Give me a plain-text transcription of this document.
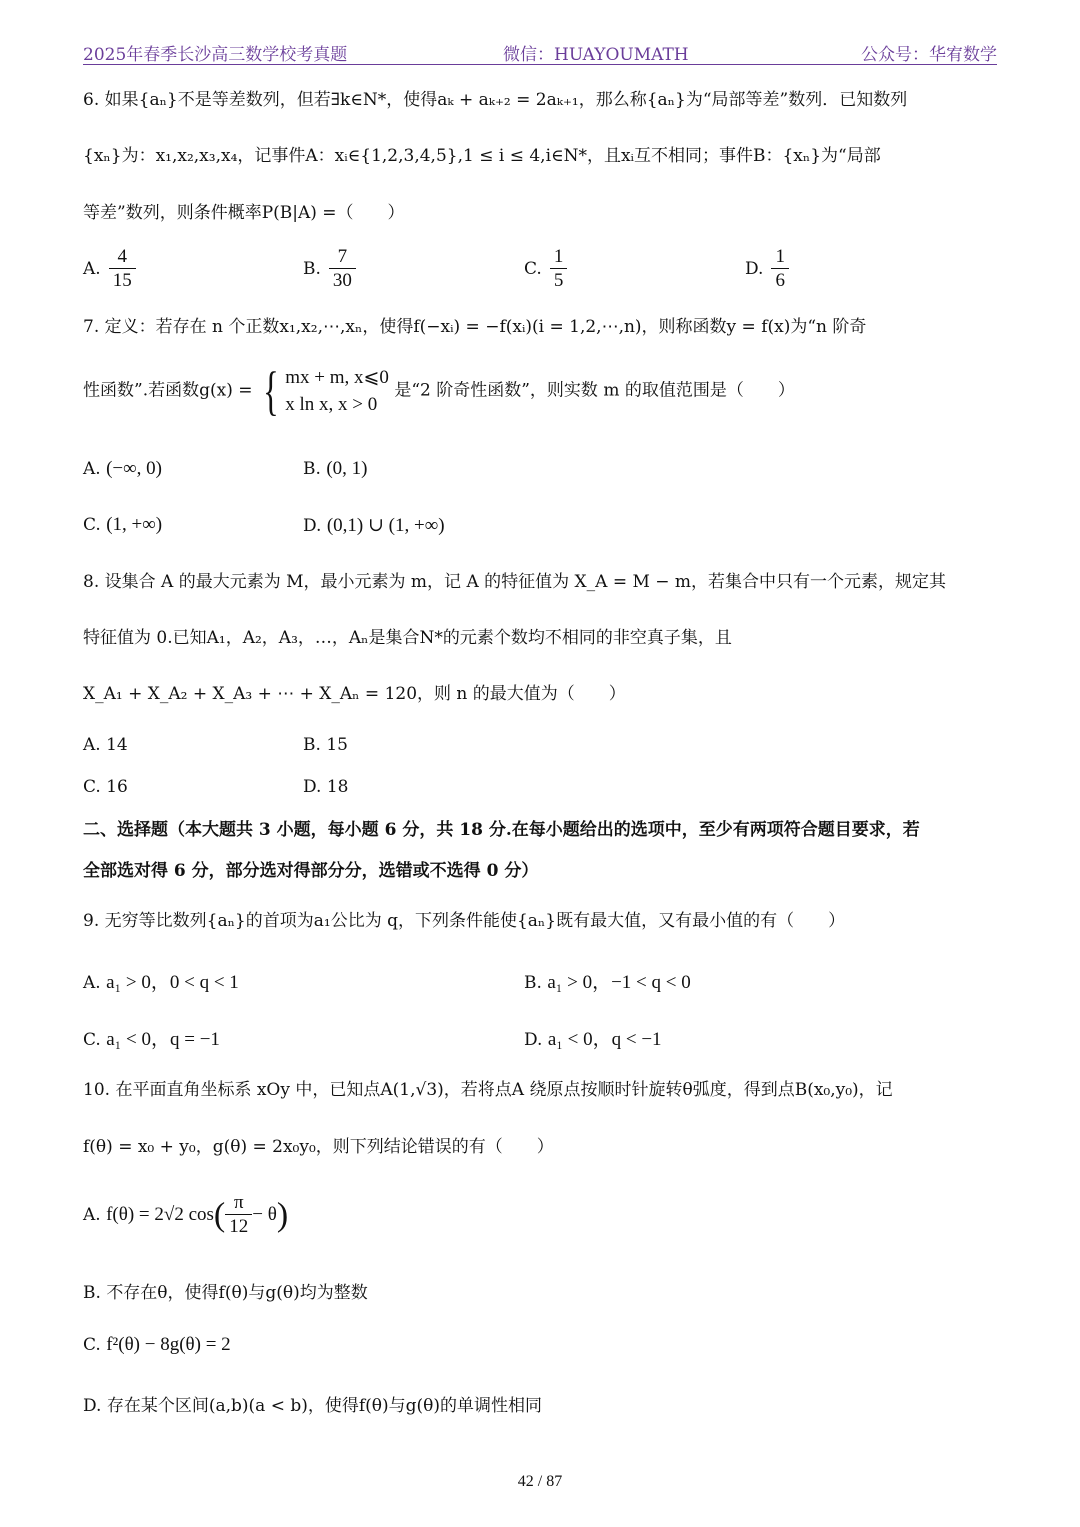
2025年春季长沙高三数学校考真题	微信：HUAYOUMATH	公众号：华宥数学
6. 如果{aₙ}不是等差数列，但若∃k∈N*，使得aₖ + aₖ₊₂ = 2aₖ₊₁，那么称{aₙ}为“局部等差”数列．已知数列
{xₙ}为：x₁,x₂,x₃,x₄，记事件A：xᵢ∈{1,2,3,4,5},1 ≤ i ≤ 4,i∈N*，且xᵢ互不相同；事件B：{xₙ}为“局部
等差”数列，则条件概率P(B|A) =（　　）
A. $\frac{4}{15}$	B. $\frac{7}{30}$	C. $\frac{1}{5}$	D. $\frac{1}{6}$
7. 定义：若存在 n 个正数x₁,x₂,⋯,xₙ，使得f(−xᵢ) = −f(xᵢ)(i = 1,2,⋯,n)，则称函数y = f(x)为“n 阶奇
性函数”.若函数g(x) = { mx + m, x⩽0
x ln x, x > 0
是“2 阶奇性函数”，则实数 m 的取值范围是（　　）
A. (−∞, 0)	B. (0, 1)
C. (1, +∞)	D. (0,1) ∪ (1, +∞)
8. 设集合 A 的最大元素为 M，最小元素为 m，记 A 的特征值为 X_A = M − m，若集合中只有一个元素，规定其
特征值为 0.已知A₁，A₂，A₃，…，Aₙ是集合N*的元素个数均不相同的非空真子集，且
X_A₁ + X_A₂ + X_A₃ + ⋯ + X_Aₙ = 120，则 n 的最大值为（　　）
A. 14	B. 15
C. 16	D. 18
二、选择题（本大题共 3 小题，每小题 6 分，共 18 分.在每小题给出的选项中，至少有两项符合题目要求，若
全部选对得 6 分，部分选对得部分分，选错或不选得 0 分）
9. 无穷等比数列{aₙ}的首项为a₁公比为 q，下列条件能使{aₙ}既有最大值，又有最小值的有（　　）
A. a₁ > 0，0 < q < 1	B. a₁ > 0，−1 < q < 0
C. a₁ < 0，q = −1	D. a₁ < 0，q < −1
10. 在平面直角坐标系 xOy 中，已知点A(1,√3)，若将点A 绕原点按顺时针旋转θ弧度，得到点B(x₀,y₀)，记
f(θ) = x₀ + y₀，g(θ) = 2x₀y₀，则下列结论错误的有（　　）
A. f(θ) = 2√2 $\cos( \frac{\pi}{12} - \theta)$
B. 不存在θ，使得f(θ)与g(θ)均为整数
C. f²(θ) − 8g(θ) = 2
D. 存在某个区间(a,b)(a < b)，使得f(θ)与g(θ)的单调性相同
42 / 87
